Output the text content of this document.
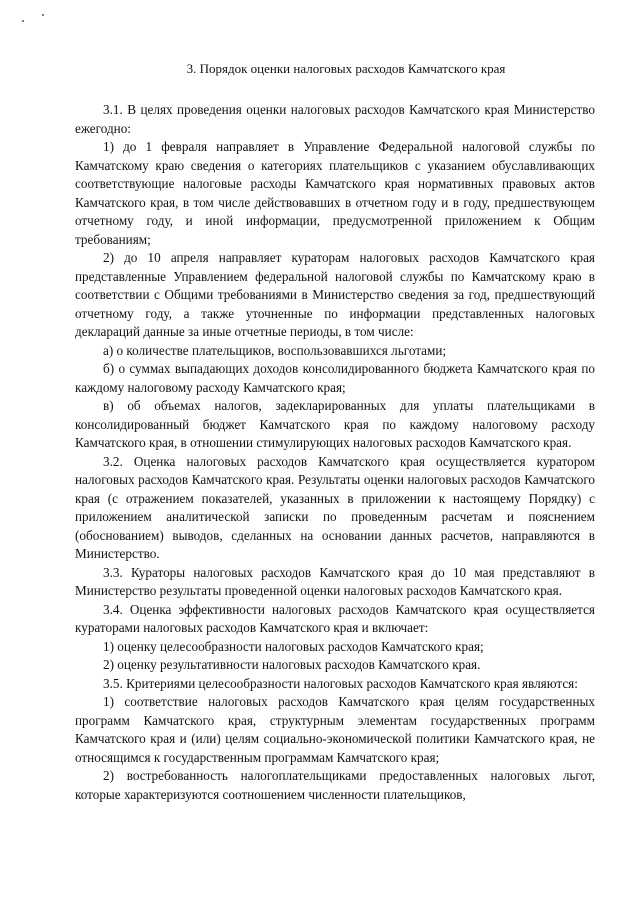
3. Порядок оценки налоговых расходов Камчатского края

3.1. В целях проведения оценки налоговых расходов Камчатского края Министерство ежегодно:

1) до 1 февраля направляет в Управление Федеральной налоговой службы по Камчатскому краю сведения о категориях плательщиков с указанием обуславливающих соответствующие налоговые расходы Камчатского края нормативных правовых актов Камчатского края, в том числе действовавших в отчетном году и в году, предшествующем отчетному году, и иной информации, предусмотренной приложением к Общим требованиям;

2) до 10 апреля направляет кураторам налоговых расходов Камчатского края представленные Управлением федеральной налоговой службы по Камчатскому краю в соответствии с Общими требованиями в Министерство сведения за год, предшествующий отчетному году, а также уточненные по информации представленных налоговых деклараций данные за иные отчетные периоды, в том числе:

а) о количестве плательщиков, воспользовавшихся льготами;

б) о суммах выпадающих доходов консолидированного бюджета Камчатского края по каждому налоговому расходу Камчатского края;

в) об объемах налогов, задекларированных для уплаты плательщиками в консолидированный бюджет Камчатского края по каждому налоговому расходу Камчатского края, в отношении стимулирующих налоговых расходов Камчатского края.

3.2. Оценка налоговых расходов Камчатского края осуществляется куратором налоговых расходов Камчатского края. Результаты оценки налоговых расходов Камчатского края (с отражением показателей, указанных в приложении к настоящему Порядку) с приложением аналитической записки по проведенным расчетам и пояснением (обоснованием) выводов, сделанных на основании данных расчетов, направляются в Министерство.

3.3. Кураторы налоговых расходов Камчатского края до 10 мая представляют в Министерство результаты проведенной оценки налоговых расходов Камчатского края.

3.4. Оценка эффективности налоговых расходов Камчатского края осуществляется кураторами налоговых расходов Камчатского края и включает:

1) оценку целесообразности налоговых расходов Камчатского края;

2) оценку результативности налоговых расходов Камчатского края.

3.5. Критериями целесообразности налоговых расходов Камчатского края являются:

1) соответствие налоговых расходов Камчатского края целям государственных программ Камчатского края, структурным элементам государственных программ Камчатского края и (или) целям социально-экономической политики Камчатского края, не относящимся к государственным программам Камчатского края;

2) востребованность налогоплательщиками предоставленных налоговых льгот, которые характеризуются соотношением численности плательщиков,
